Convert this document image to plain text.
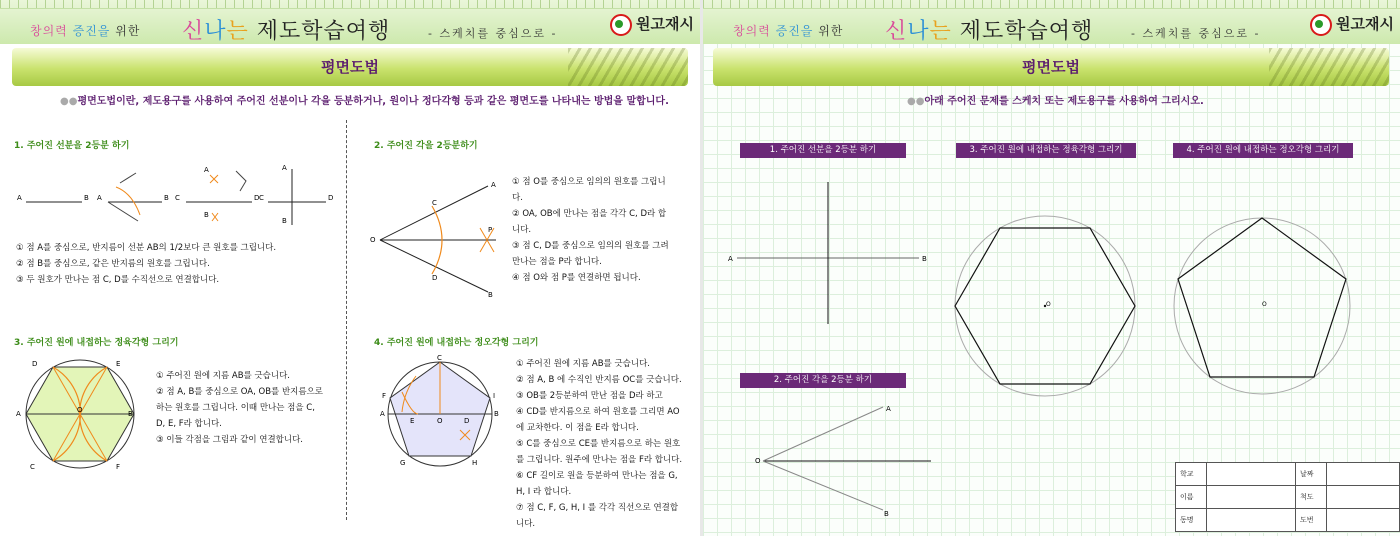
창의력 증진을 위한 신나는 제도학습여행	- 스케치를 중심으로 -
원고재시
평면도법
●●평면도법이란, 제도용구를 사용하여 주어진 선분이나 각을 등분하거나, 원이나 정다각형 등과 같은 평면도를 나타내는 방법을 말합니다.
1. 주어진 선분을 2등분 하기
A	B A	B C	D
A
B
C	D
A
B
① 점 A를 중심으로, 반지름이 선분 AB의 1/2보다 큰 원호를 그립니다.
② 점 B를 중심으로, 같은 반지름의 원호를 그립니다.
③ 두 원호가 만나는 점 C, D를 수직선으로 연결합니다.
2. 주어진 각을 2등분하기
A
B
C
D
O
P
① 점 O를 중심으로 임의의 원호를 그립니다.
② OA, OB에 만나는 점을 각각 C, D라 합니다.
③ 점 C, D를 중심으로 임의의 원호를 그려 만나는 점을 P라 합니다.
④ 점 O와 점 P를 연결하면 됩니다.
3. 주어진 원에 내접하는 정육각형 그리기
D	E
A	O	B
C	F
① 주어진 원에 지름 AB를 긋습니다.
② 점 A, B를 중심으로 OA, OB를 반지름으로 하는 원호를 그립니다. 이때 만나는 점을 C, D, E, F라 합니다.
③ 이들 각점을 그림과 같이 연결합니다.
4. 주어진 원에 내접하는 정오각형 그리기
C
F	I
A
E	O	D
B
G	H
① 주어진 원에 지름 AB를 긋습니다.
② 점 A, B 에 수직인 반지름 OC를 긋습니다.
③ OB를 2등분하여 만난 점을 D라 하고
④ CD를 반지름으로 하여 원호를 그리면 AO에 교차한다. 이 점을 E라 합니다.
⑤ C를 중심으로 CE를 반지름으로 하는 원호를 그립니다. 원주에 만나는 점을 F라 합니다.
⑥ CF 길이로 원을 등분하여 만나는 점을 G, H, I 라 합니다.
⑦ 점 C, F, G, H, I 를 각각 직선으로 연결합니다.
창의력 증진을 위한 신나는 제도학습여행	- 스케치를 중심으로 -
원고재시
평면도법
●●아래 주어진 문제를 스케치 또는 제도용구를 사용하여 그리시오.
1. 주어진 선분을 2등분 하기	3. 주어진 원에 내접하는 정육각형 그리기	4. 주어진 원에 내접하는 정오각형 그리기
2. 주어진 각을 2등분 하기
A	B
O	O
O
A
B
학교		날짜	
이름		척도	
동명		도번	
